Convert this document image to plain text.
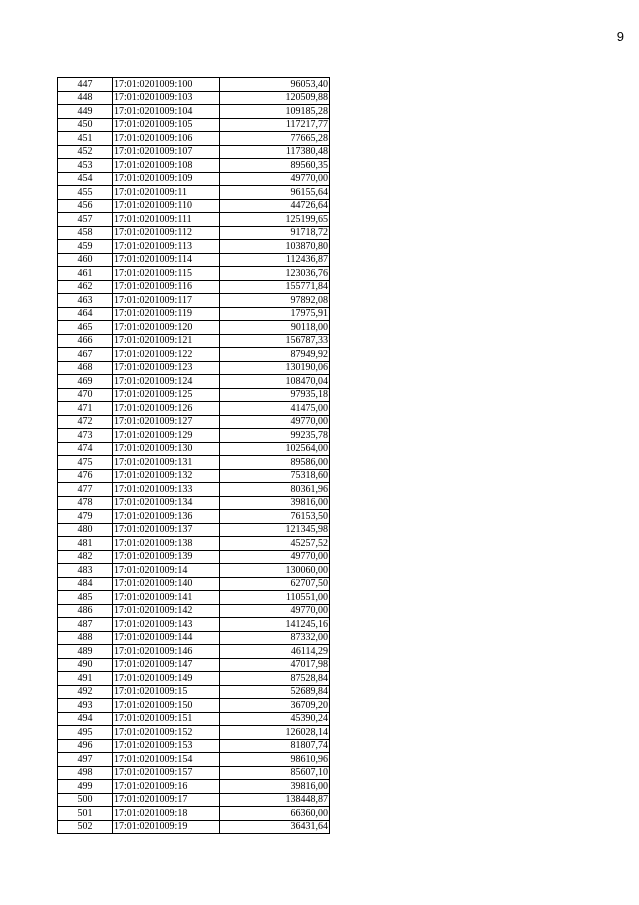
9
447	17:01:0201009:100	96053,40
448	17:01:0201009:103	120509,88
449	17:01:0201009:104	109185,28
450	17:01:0201009:105	117217,77
451	17:01:0201009:106	77665,28
452	17:01:0201009:107	117380,48
453	17:01:0201009:108	89560,35
454	17:01:0201009:109	49770,00
455	17:01:0201009:11	96155,64
456	17:01:0201009:110	44726,64
457	17:01:0201009:111	125199,65
458	17:01:0201009:112	91718,72
459	17:01:0201009:113	103870,80
460	17:01:0201009:114	112436,87
461	17:01:0201009:115	123036,76
462	17:01:0201009:116	155771,84
463	17:01:0201009:117	97892,08
464	17:01:0201009:119	17975,91
465	17:01:0201009:120	90118,00
466	17:01:0201009:121	156787,33
467	17:01:0201009:122	87949,92
468	17:01:0201009:123	130190,06
469	17:01:0201009:124	108470,04
470	17:01:0201009:125	97935,18
471	17:01:0201009:126	41475,00
472	17:01:0201009:127	49770,00
473	17:01:0201009:129	99235,78
474	17:01:0201009:130	102564,00
475	17:01:0201009:131	89586,00
476	17:01:0201009:132	75318,60
477	17:01:0201009:133	80361,96
478	17:01:0201009:134	39816,00
479	17:01:0201009:136	76153,50
480	17:01:0201009:137	121345,98
481	17:01:0201009:138	45257,52
482	17:01:0201009:139	49770,00
483	17:01:0201009:14	130060,00
484	17:01:0201009:140	62707,50
485	17:01:0201009:141	110551,00
486	17:01:0201009:142	49770,00
487	17:01:0201009:143	141245,16
488	17:01:0201009:144	87332,00
489	17:01:0201009:146	46114,29
490	17:01:0201009:147	47017,98
491	17:01:0201009:149	87528,84
492	17:01:0201009:15	52689,84
493	17:01:0201009:150	36709,20
494	17:01:0201009:151	45390,24
495	17:01:0201009:152	126028,14
496	17:01:0201009:153	81807,74
497	17:01:0201009:154	98610,96
498	17:01:0201009:157	85607,10
499	17:01:0201009:16	39816,00
500	17:01:0201009:17	138448,87
501	17:01:0201009:18	66360,00
502	17:01:0201009:19	36431,64
